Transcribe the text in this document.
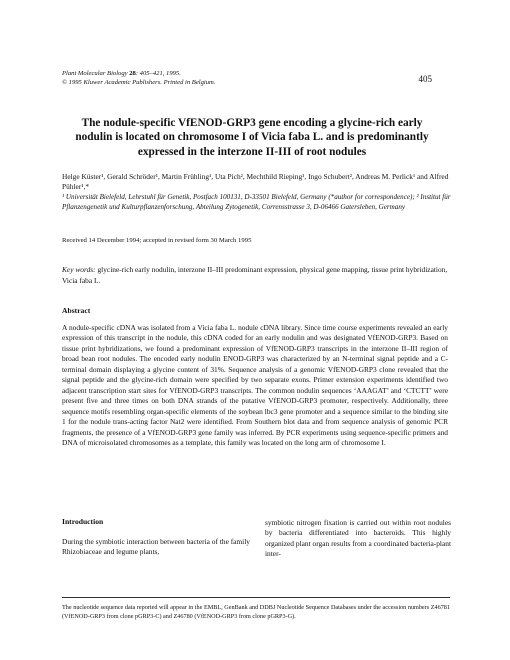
Plant Molecular Biology 28: 405–421, 1995.
© 1995 Kluwer Academic Publishers. Printed in Belgium.	405
The nodule-specific VfENOD-GRP3 gene encoding a glycine-rich early nodulin is located on chromosome I of Vicia faba L. and is predominantly expressed in the interzone II-III of root nodules
Helge Küster¹, Gerald Schröder¹, Martin Frühling¹, Uta Pich², Mechthild Rieping¹, Ingo Schubert², Andreas M. Perlick¹ and Alfred Pühler¹,*
¹ Universität Bielefeld, Lehrstuhl für Genetik, Postfach 100131, D-33501 Bielefeld, Germany (*author for correspondence); ² Institut für Pflanzengenetik und Kulturpflanzenforschung, Abteilung Zytogenetik, Corrensstrasse 3, D-06466 Gatersleben, Germany
Received 14 December 1994; accepted in revised form 30 March 1995
Key words: glycine-rich early nodulin, interzone II–III predominant expression, physical gene mapping, tissue print hybridization, Vicia faba L.
Abstract
A nodule-specific cDNA was isolated from a Vicia faba L. nodule cDNA library. Since time course experiments revealed an early expression of this transcript in the nodule, this cDNA coded for an early nodulin and was designated VfENOD-GRP3. Based on tissue print hybridizations, we found a predominant expression of VfENOD-GRP3 transcripts in the interzone II–III region of broad bean root nodules. The encoded early nodulin ENOD-GRP3 was characterized by an N-terminal signal peptide and a C-terminal domain displaying a glycine content of 31%. Sequence analysis of a genomic VfENOD-GRP3 clone revealed that the signal peptide and the glycine-rich domain were specified by two separate exons. Primer extension experiments identified two adjacent transcription start sites for VfENOD-GRP3 transcripts. The common nodulin sequences ‘AAAGAT’ and ‘CTCTT’ were present five and three times on both DNA strands of the putative VfENOD-GRP3 promoter, respectively. Additionally, three sequence motifs resembling organ-specific elements of the soybean lbc3 gene promoter and a sequence similar to the binding site 1 for the nodule trans-acting factor Nat2 were identified. From Southern blot data and from sequence analysis of genomic PCR fragments, the presence of a VfENOD-GRP3 gene family was inferred. By PCR experiments using sequence-specific primers and DNA of microisolated chromosomes as a template, this family was located on the long arm of chromosome I.
Introduction
During the symbiotic interaction between bacteria of the family Rhizobiaceae and legume plants,
symbiotic nitrogen fixation is carried out within root nodules by bacteria differentiated into bacteroids. This highly organized plant organ results from a coordinated bacteria-plant inter-
The nucleotide sequence data reported will appear in the EMBL, GenBank and DDBJ Nucleotide Sequence Databases under the accession numbers Z46781 (VfENOD-GRP3 from clone pGRP3-C) and Z46780 (VfENOD-GRP3 from clone pGRP3-G).
